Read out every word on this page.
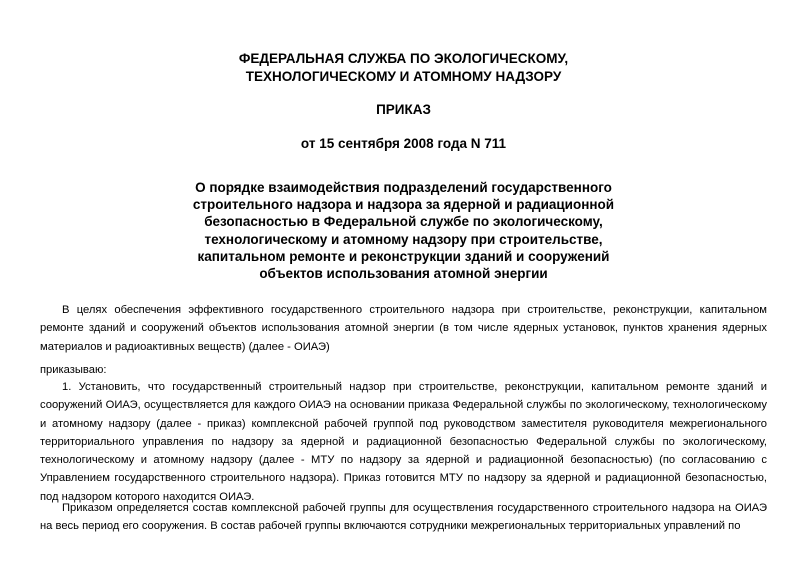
ФЕДЕРАЛЬНАЯ СЛУЖБА ПО ЭКОЛОГИЧЕСКОМУ,
ТЕХНОЛОГИЧЕСКОМУ И АТОМНОМУ НАДЗОРУ
ПРИКАЗ
от 15 сентября 2008 года N 711
О порядке взаимодействия подразделений государственного
строительного надзора и надзора за ядерной и радиационной
безопасностью в Федеральной службе по экологическому,
технологическому и атомному надзору при строительстве,
капитальном ремонте и реконструкции зданий и сооружений
объектов использования атомной энергии

В целях обеспечения эффективного государственного строительного надзора при строительстве, реконструкции, капитальном ремонте зданий и сооружений объектов использования атомной энергии (в том числе ядерных установок, пунктов хранения ядерных материалов и радиоактивных веществ) (далее - ОИАЭ)

приказываю:

1. Установить, что государственный строительный надзор при строительстве, реконструкции, капитальном ремонте зданий и сооружений ОИАЭ, осуществляется для каждого ОИАЭ на основании приказа Федеральной службы по экологическому, технологическому и атомному надзору (далее - приказ) комплексной рабочей группой под руководством заместителя руководителя межрегионального территориального управления по надзору за ядерной и радиационной безопасностью Федеральной службы по экологическому, технологическому и атомному надзору (далее - МТУ по надзору за ядерной и радиационной безопасностью) (по согласованию с Управлением государственного строительного надзора). Приказ готовится МТУ по надзору за ядерной и радиационной безопасностью, под надзором которого находится ОИАЭ.

Приказом определяется состав комплексной рабочей группы для осуществления государственного строительного надзора на ОИАЭ на весь период его сооружения. В состав рабочей группы включаются сотрудники межрегиональных территориальных управлений по
